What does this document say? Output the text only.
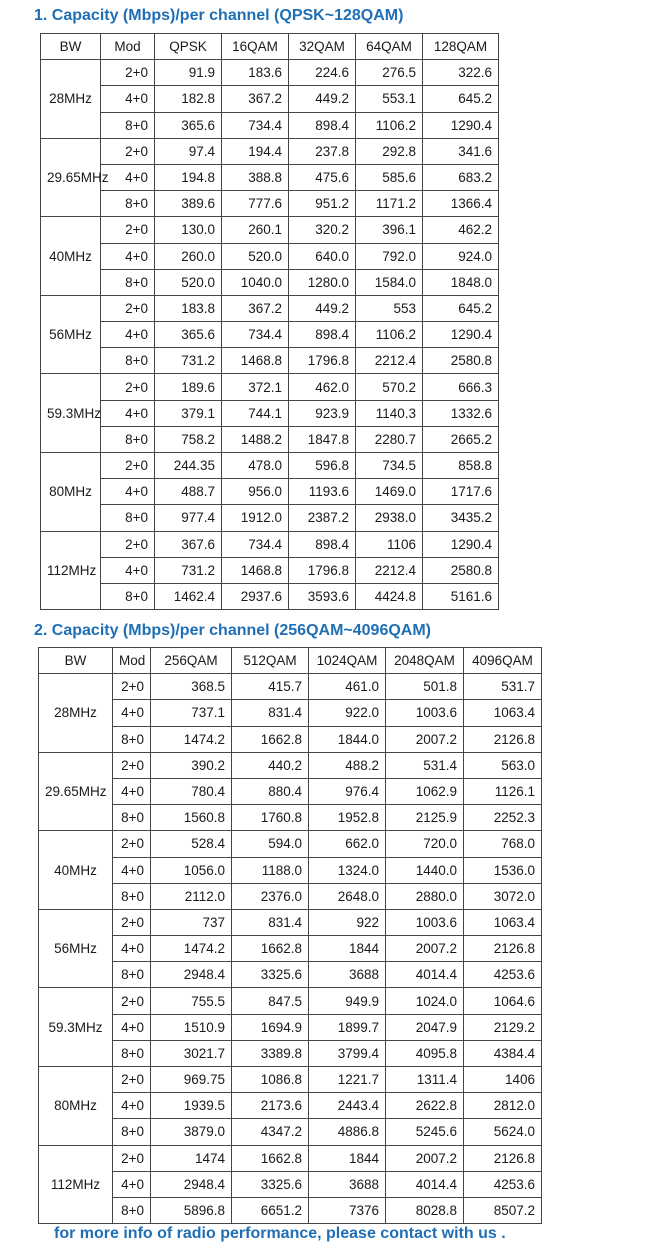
1. Capacity (Mbps)/per channel (QPSK~128QAM)
BW	Mod	QPSK	16QAM	32QAM	64QAM	128QAM
28MHz	2+0	91.9	183.6	224.6	276.5	322.6
	4+0	182.8	367.2	449.2	553.1	645.2
	8+0	365.6	734.4	898.4	1106.2	1290.4
29.65MHz	2+0	97.4	194.4	237.8	292.8	341.6
	4+0	194.8	388.8	475.6	585.6	683.2
	8+0	389.6	777.6	951.2	1171.2	1366.4
40MHz	2+0	130.0	260.1	320.2	396.1	462.2
	4+0	260.0	520.0	640.0	792.0	924.0
	8+0	520.0	1040.0	1280.0	1584.0	1848.0
56MHz	2+0	183.8	367.2	449.2	553	645.2
	4+0	365.6	734.4	898.4	1106.2	1290.4
	8+0	731.2	1468.8	1796.8	2212.4	2580.8
59.3MHz	2+0	189.6	372.1	462.0	570.2	666.3
	4+0	379.1	744.1	923.9	1140.3	1332.6
	8+0	758.2	1488.2	1847.8	2280.7	2665.2
80MHz	2+0	244.35	478.0	596.8	734.5	858.8
	4+0	488.7	956.0	1193.6	1469.0	1717.6
	8+0	977.4	1912.0	2387.2	2938.0	3435.2
112MHz	2+0	367.6	734.4	898.4	1106	1290.4
	4+0	731.2	1468.8	1796.8	2212.4	2580.8
	8+0	1462.4	2937.6	3593.6	4424.8	5161.6
2. Capacity (Mbps)/per channel (256QAM~4096QAM)
BW	Mod	256QAM	512QAM	1024QAM	2048QAM	4096QAM
28MHz	2+0	368.5	415.7	461.0	501.8	531.7
	4+0	737.1	831.4	922.0	1003.6	1063.4
	8+0	1474.2	1662.8	1844.0	2007.2	2126.8
29.65MHz	2+0	390.2	440.2	488.2	531.4	563.0
	4+0	780.4	880.4	976.4	1062.9	1126.1
	8+0	1560.8	1760.8	1952.8	2125.9	2252.3
40MHz	2+0	528.4	594.0	662.0	720.0	768.0
	4+0	1056.0	1188.0	1324.0	1440.0	1536.0
	8+0	2112.0	2376.0	2648.0	2880.0	3072.0
56MHz	2+0	737	831.4	922	1003.6	1063.4
	4+0	1474.2	1662.8	1844	2007.2	2126.8
	8+0	2948.4	3325.6	3688	4014.4	4253.6
59.3MHz	2+0	755.5	847.5	949.9	1024.0	1064.6
	4+0	1510.9	1694.9	1899.7	2047.9	2129.2
	8+0	3021.7	3389.8	3799.4	4095.8	4384.4
80MHz	2+0	969.75	1086.8	1221.7	1311.4	1406
	4+0	1939.5	2173.6	2443.4	2622.8	2812.0
	8+0	3879.0	4347.2	4886.8	5245.6	5624.0
112MHz	2+0	1474	1662.8	1844	2007.2	2126.8
	4+0	2948.4	3325.6	3688	4014.4	4253.6
	8+0	5896.8	6651.2	7376	8028.8	8507.2
for more info of radio performance, please contact with us .
